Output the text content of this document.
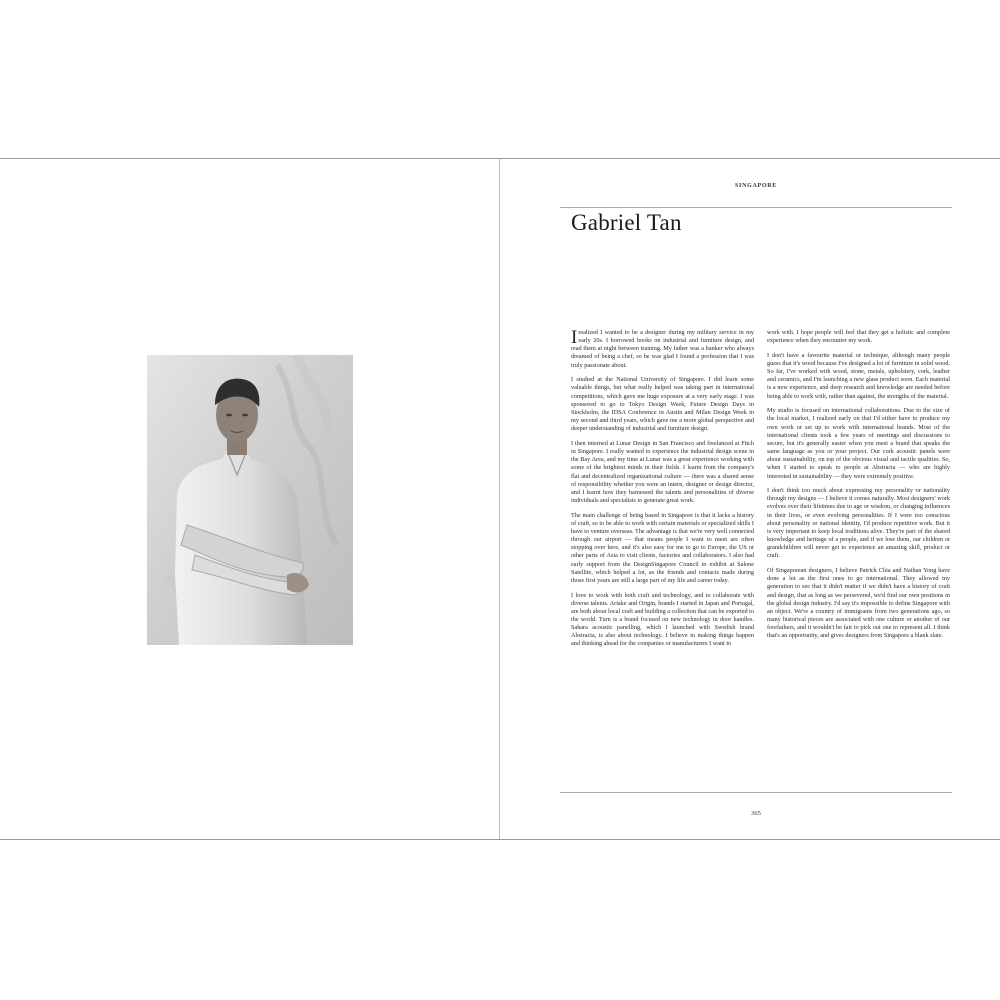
SINGAPORE
Gabriel Tan

Irealized I wanted to be a designer during my military service in my early 20s. I borrowed books on industrial and furniture design, and read them at night between training. My father was a banker who always dreamed of being a chef, so he was glad I found a profession that I was truly passionate about.

I studied at the National University of Singapore. I did learn some valuable things, but what really helped was taking part in international competitions, which gave me huge exposure at a very early stage. I was sponsored to go to Tokyo Design Week, Future Design Days in Stockholm, the IDSA Conference in Austin and Milan Design Week in my second and third years, which gave me a more global perspective and deeper understanding of industrial and furniture design.

I then interned at Lunar Design in San Francisco and freelanced at Fitch in Singapore. I really wanted to experience the industrial design scene in the Bay Area, and my time at Lunar was a great experience working with some of the brightest minds in their fields. I learnt from the company's flat and decentralized organizational culture — there was a shared sense of responsibility whether you were an intern, designer or design director, and I learnt how they harnessed the talents and personalities of diverse individuals and specialists to generate great work.

The main challenge of being based in Singapore is that it lacks a history of craft, so to be able to work with certain materials or specialized skills I have to venture overseas. The advantage is that we're very well connected through our airport — that means people I want to meet are often stopping over here, and it's also easy for me to go to Europe, the US or other parts of Asia to visit clients, factories and collaborators. I also had early support from the DesignSingapore Council to exhibit at Salone Satellite, which helped a lot, as the friends and contacts made during those first years are still a large part of my life and career today.

I love to work with both craft and technology, and to collaborate with diverse talents. Ariake and Origin, brands I started in Japan and Portugal, are both about local craft and building a collection that can be exported to the world. Turn is a brand focused on new technology in door handles. Sahara acoustic panelling, which I launched with Swedish brand Abstracta, is also about technology. I believe in making things happen and thinking ahead for the companies or manufacturers I want to

work with. I hope people will feel that they get a holistic and complete experience when they encounter my work.

I don't have a favourite material or technique, although many people guess that it's wood because I've designed a lot of furniture in solid wood. So far, I've worked with wood, stone, metals, upholstery, cork, leather and ceramics, and I'm launching a new glass product soon. Each material is a new experience, and deep research and knowledge are needed before being able to work with, rather than against, the strengths of the material.

My studio is focused on international collaborations. Due to the size of the local market, I realized early on that I'd either have to produce my own work or set up to work with international brands. Most of the international clients took a few years of meetings and discussions to secure, but it's generally easier when you meet a brand that speaks the same language as you or your project. Our cork acoustic panels were about sustainability, on top of the obvious visual and tactile qualities. So, when I started to speak to people at Abstracta — who are highly interested in sustainability — they were extremely positive.

I don't think too much about expressing my personality or nationality through my designs — I believe it comes naturally. Most designers' work evolves over their lifetimes due to age or wisdom, or changing influences in their lives, or even evolving personalities. If I were too conscious about personality or national identity, I'd produce repetitive work. But it is very important to keep local traditions alive. They're part of the shared knowledge and heritage of a people, and if we lose them, our children or grandchildren will never get to experience an amazing skill, product or craft.

Of Singaporean designers, I believe Patrick Chia and Nathan Yong have done a lot as the first ones to go international. They allowed my generation to see that it didn't matter if we didn't have a history of craft and design, that as long as we persevered, we'd find our own positions in the global design industry. I'd say it's impossible to define Singapore with an object. We're a country of immigrants from two generations ago, so many historical pieces are associated with one culture or another of our forefathers, and it wouldn't be fair to pick out one to represent all. I think that's an opportunity, and gives designers from Singapore a blank slate.

365
